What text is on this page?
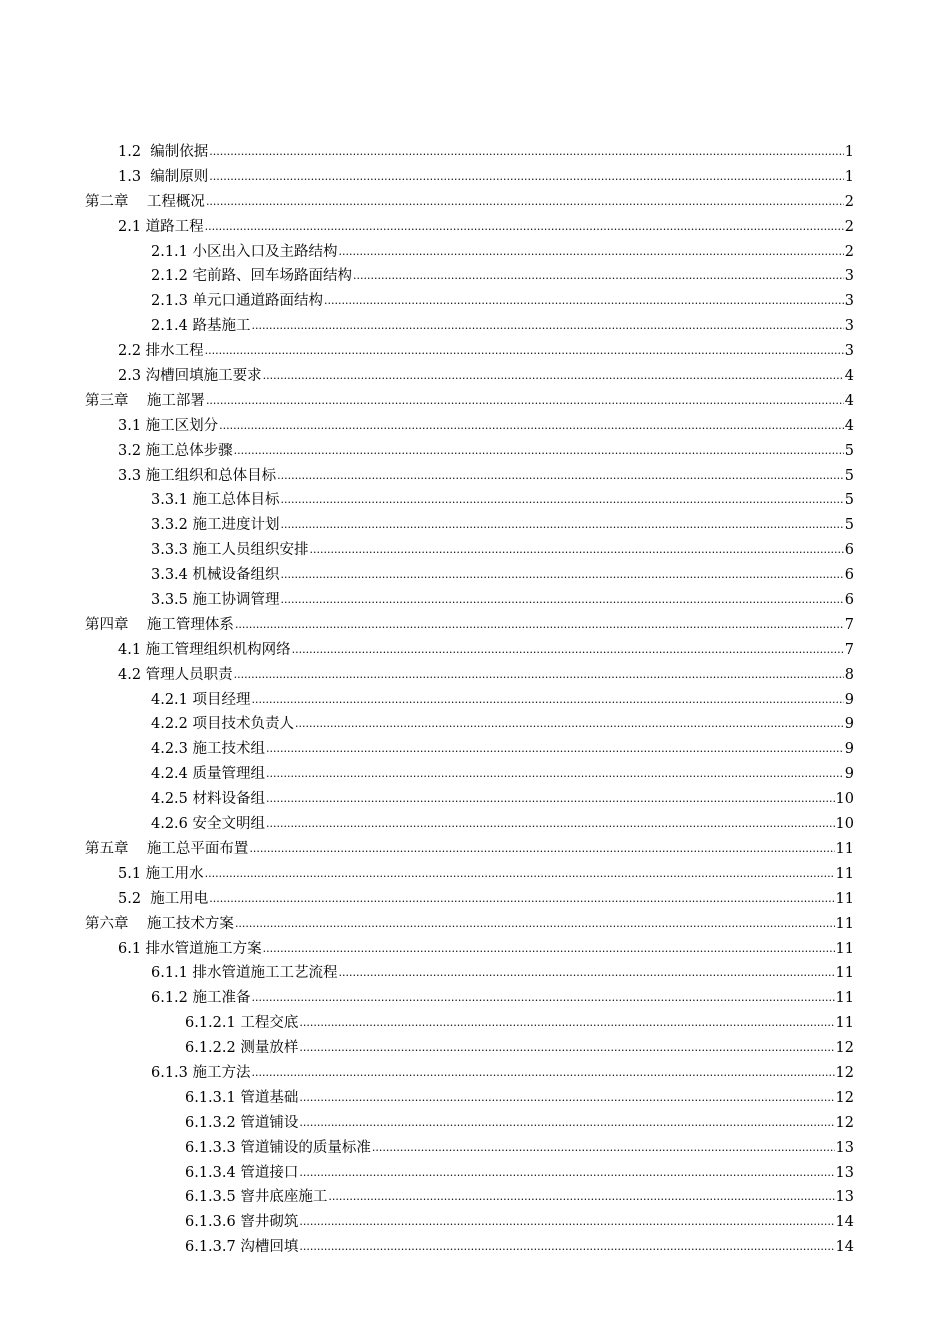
1.2  编制依据 .....	1
1.3  编制原则 .....	1
第二章    工程概况 .....	2
2.1 道路工程 .....	2
2.1.1 小区出入口及主路结构 .....	2
2.1.2 宅前路、回车场路面结构 .....	3
2.1.3 单元口通道路面结构 .....	3
2.1.4 路基施工 .....	3
2.2 排水工程 .....	3
2.3 沟槽回填施工要求 .....	4
第三章    施工部署 .....	4
3.1 施工区划分 .....	4
3.2 施工总体步骤 .....	5
3.3 施工组织和总体目标 .....	5
3.3.1 施工总体目标 .....	5
3.3.2 施工进度计划 .....	5
3.3.3 施工人员组织安排 .....	6
3.3.4 机械设备组织 .....	6
3.3.5 施工协调管理 .....	6
第四章    施工管理体系 .....	7
4.1 施工管理组织机构网络 .....	7
4.2 管理人员职责 .....	8
4.2.1 项目经理 .....	9
4.2.2 项目技术负责人 .....	9
4.2.3 施工技术组 .....	9
4.2.4 质量管理组 .....	9
4.2.5 材料设备组 .....	10
4.2.6 安全文明组 .....	10
第五章    施工总平面布置 .....	11
5.1 施工用水 .....	11
5.2  施工用电 .....	11
第六章    施工技术方案 .....	11
6.1 排水管道施工方案 .....	11
6.1.1 排水管道施工工艺流程 .....	11
6.1.2 施工准备 .....	11
6.1.2.1 工程交底 .....	11
6.1.2.2 测量放样 .....	12
6.1.3 施工方法 .....	12
6.1.3.1 管道基础 .....	12
6.1.3.2 管道铺设 .....	12
6.1.3.3 管道铺设的质量标准 .....	13
6.1.3.4 管道接口 .....	13
6.1.3.5 窨井底座施工 .....	13
6.1.3.6 窨井砌筑 .....	14
6.1.3.7 沟槽回填 .....	14
